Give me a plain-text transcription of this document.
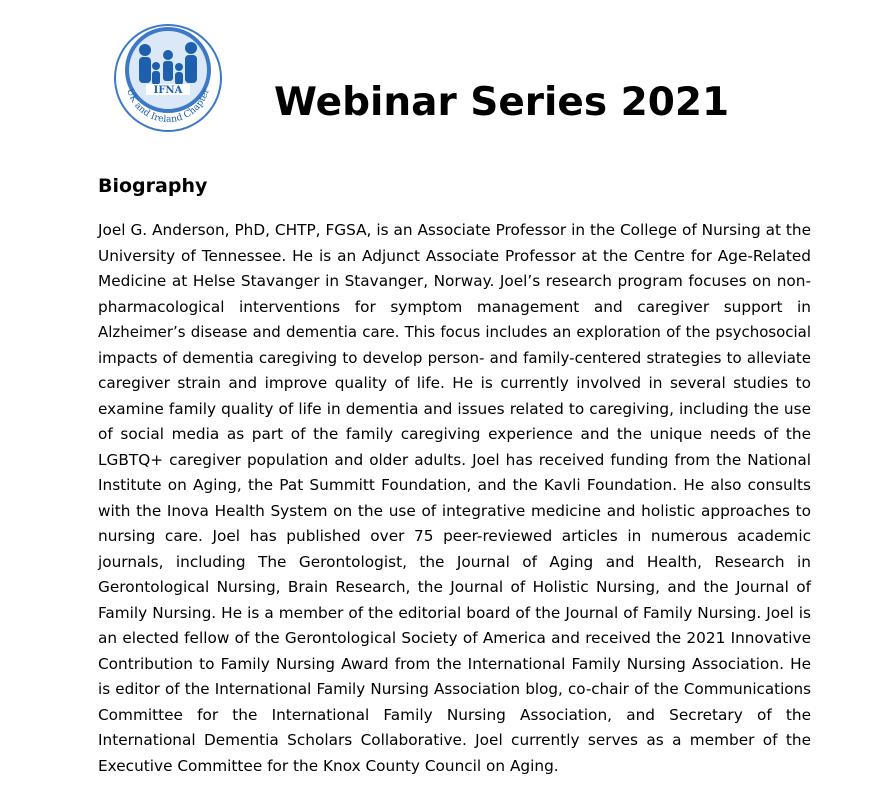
IFNA
UK and Ireland Chapter Webinar Series 2021
Biography
Joel G. Anderson, PhD, CHTP, FGSA, is an Associate Professor in the College of Nursing at the
University of Tennessee. He is an Adjunct Associate Professor at the Centre for Age-Related
Medicine at Helse Stavanger in Stavanger, Norway. Joel’s research program focuses on non-
pharmacological interventions for symptom management and caregiver support in
Alzheimer’s disease and dementia care. This focus includes an exploration of the psychosocial
impacts of dementia caregiving to develop person- and family-centered strategies to alleviate
caregiver strain and improve quality of life. He is currently involved in several studies to
examine family quality of life in dementia and issues related to caregiving, including the use
of social media as part of the family caregiving experience and the unique needs of the
LGBTQ+ caregiver population and older adults. Joel has received funding from the National
Institute on Aging, the Pat Summitt Foundation, and the Kavli Foundation. He also consults
with the Inova Health System on the use of integrative medicine and holistic approaches to
nursing care. Joel has published over 75 peer-reviewed articles in numerous academic
journals, including The Gerontologist, the Journal of Aging and Health, Research in
Gerontological Nursing, Brain Research, the Journal of Holistic Nursing, and the Journal of
Family Nursing. He is a member of the editorial board of the Journal of Family Nursing. Joel is
an elected fellow of the Gerontological Society of America and received the 2021 Innovative
Contribution to Family Nursing Award from the International Family Nursing Association. He
is editor of the International Family Nursing Association blog, co-chair of the Communications
Committee for the International Family Nursing Association, and Secretary of the
International Dementia Scholars Collaborative. Joel currently serves as a member of the
Executive Committee for the Knox County Council on Aging.
